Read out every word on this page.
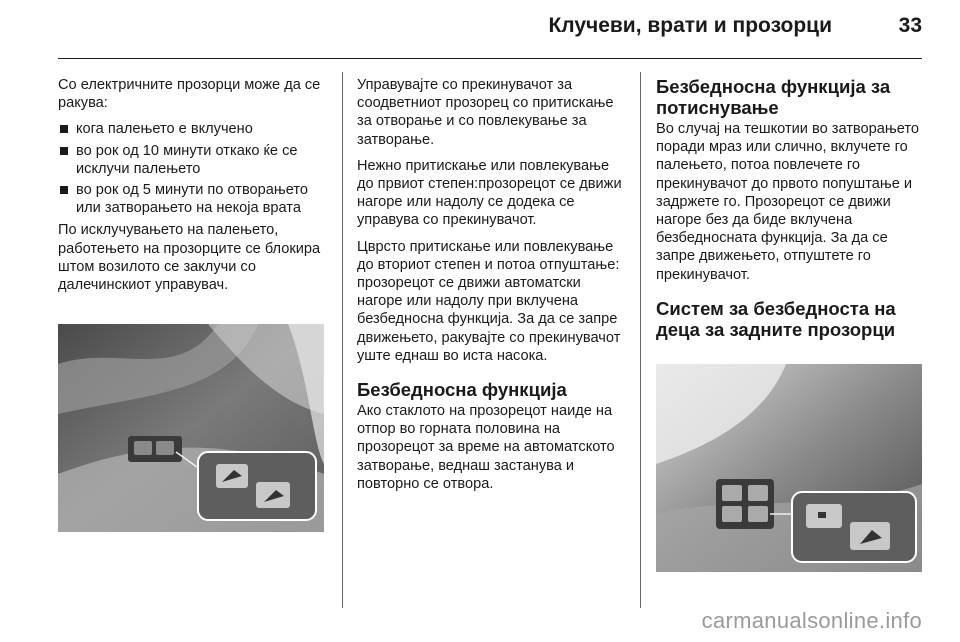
Клучеви, врати и прозорци	33

Со електричните прозорци може да се ракува:

кога палењето е вклучено
во рок од 10 минути откако ќе се исклучи палењето
во рок од 5 минути по отворањето или затворањето на некоја врата

По исклучувањето на палењето, работењето на прозорците се блокира штом возилото се заклучи со далечинскиот управувач.

Управувајте со прекинувачот за соодветниот прозорец со притискање за отворање и со повлекување за затворање.

Нежно притискање или повлекување до првиот степен:прозорецот се движи нагоре или надолу се додека се управува со прекинувачот.

Цврсто притискање или повлекување до вториот степен и потоа отпуштање: прозорецот се движи автоматски нагоре или надолу при вклучена безбедносна функција. За да се запре движењето, ракувајте со прекинувачот уште еднаш во иста насока.

Безбедносна функција

Ако стаклото на прозорецот наиде на отпор во горната половина на прозорецот за време на автоматското затворање, веднаш застанува и повторно се отвора.

Безбедносна функција за потиснување

Во случај на тешкотии во затворањето поради мраз или слично, вклучете го палењето, потоа повлечете го прекинувачот до првото попуштање и задржете го. Прозорецот се движи нагоре без да биде вклучена безбедносната функција. За да се запре движењето, отпуштете го прекинувачот.

Систем за безбедноста на деца за задните прозорци
carmanualsonline.info
